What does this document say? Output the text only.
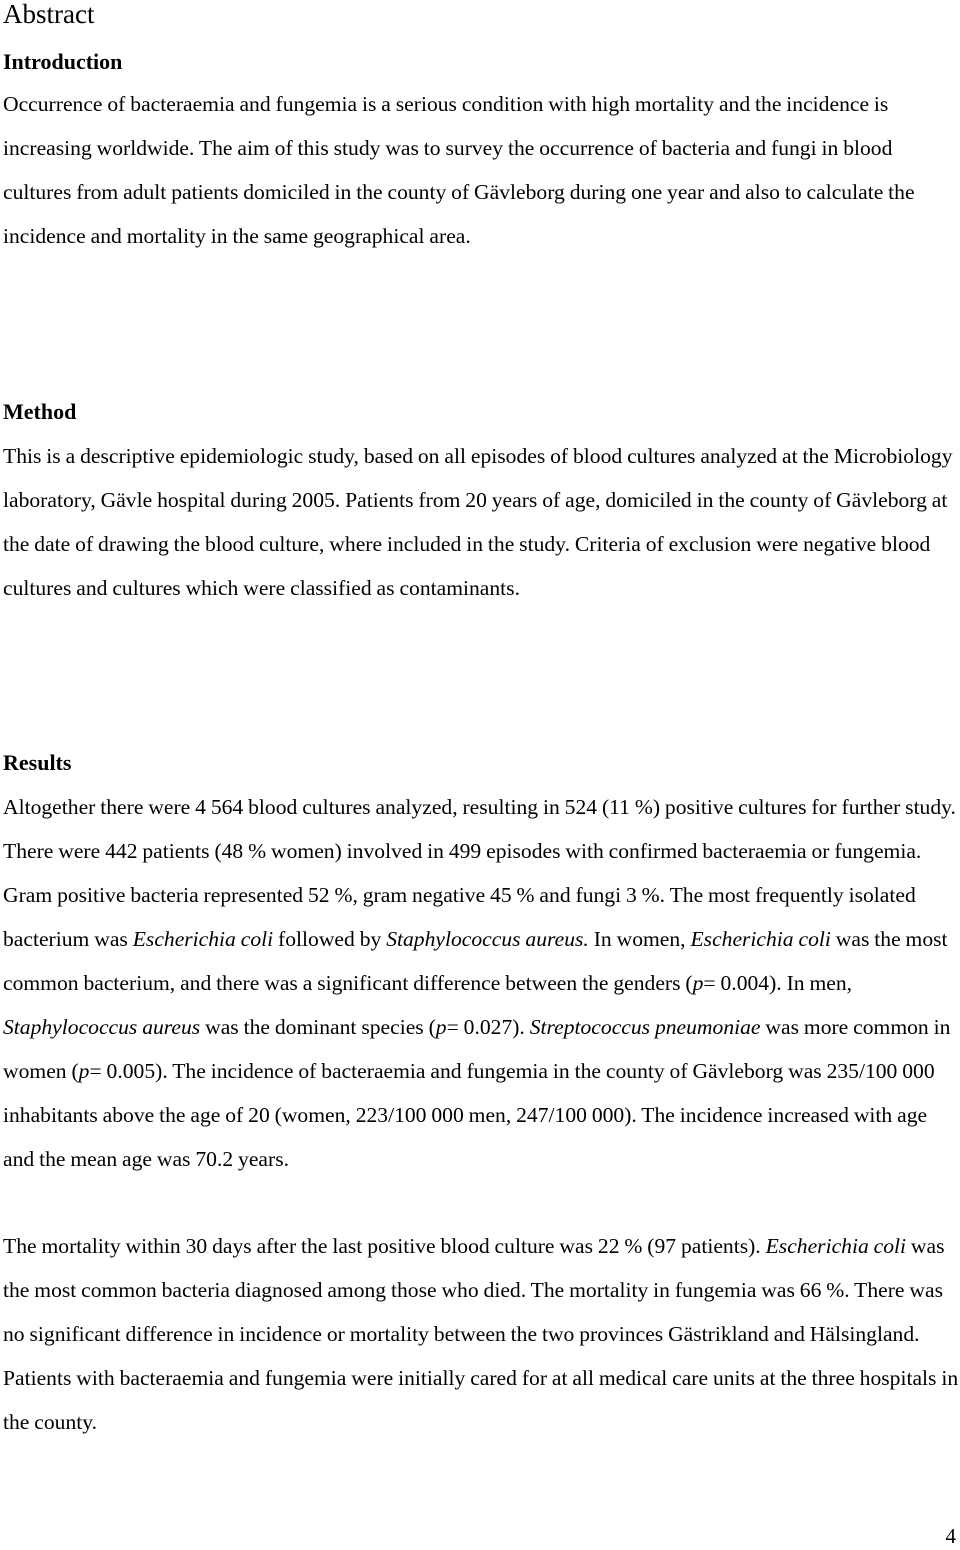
Abstract
Introduction

Occurrence of bacteraemia and fungemia is a serious condition with high mortality and the incidence is increasing worldwide. The aim of this study was to survey the occurrence of bacteria and fungi in blood cultures from adult patients domiciled in the county of Gävleborg during one year and also to calculate the incidence and mortality in the same geographical area.

Method

This is a descriptive epidemiologic study, based on all episodes of blood cultures analyzed at the Microbiology laboratory, Gävle hospital during 2005. Patients from 20 years of age, domiciled in the county of Gävleborg at the date of drawing the blood culture, where included in the study. Criteria of exclusion were negative blood cultures and cultures which were classified as contaminants.

Results

Altogether there were 4 564 blood cultures analyzed, resulting in 524 (11 %) positive cultures for further study. There were 442 patients (48 % women) involved in 499 episodes with confirmed bacteraemia or fungemia. Gram positive bacteria represented 52 %, gram negative 45 % and fungi 3 %. The most frequently isolated bacterium was Escherichia coli followed by Staphylococcus aureus. In women, Escherichia coli was the most common bacterium, and there was a significant difference between the genders (p= 0.004). In men, Staphylococcus aureus was the dominant species (p= 0.027). Streptococcus pneumoniae was more common in women (p= 0.005). The incidence of bacteraemia and fungemia in the county of Gävleborg was 235/100 000 inhabitants above the age of 20 (women, 223/100 000 men, 247/100 000). The incidence increased with age and the mean age was 70.2 years.

The mortality within 30 days after the last positive blood culture was 22 % (97 patients). Escherichia coli was the most common bacteria diagnosed among those who died. The mortality in fungemia was 66 %. There was no significant difference in incidence or mortality between the two provinces Gästrikland and Hälsingland. Patients with bacteraemia and fungemia were initially cared for at all medical care units at the three hospitals in the county.

4
